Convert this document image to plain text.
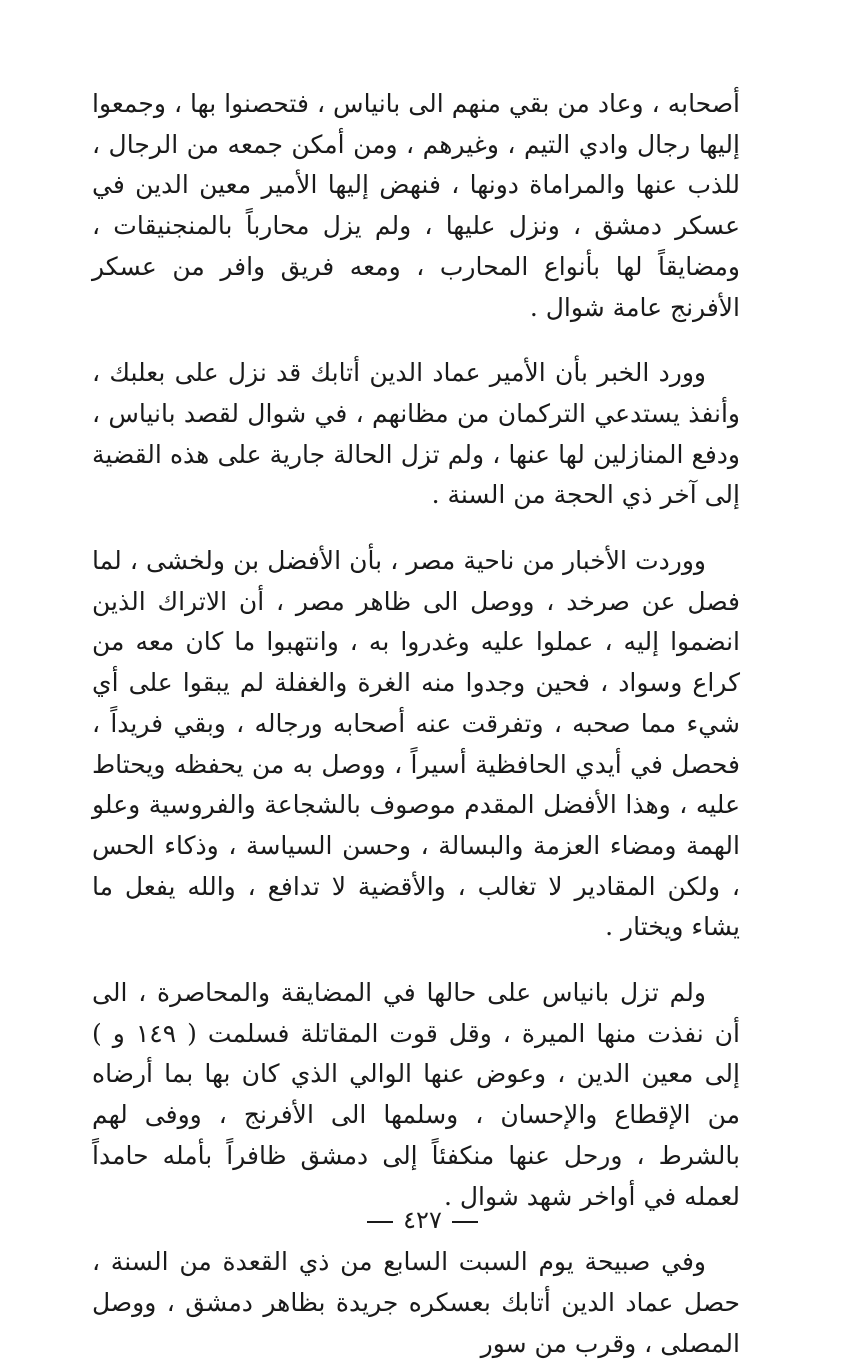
أصحابه ، وعاد من بقي منهم الى بانياس ، فتحصنوا بها ، وجمعوا إليها رجال وادي التيم ، وغيرهم ، ومن أمكن جمعه من الرجال ، للذب عنها والمراماة دونها ، فنهض إليها الأمير معين الدين في عسكر دمشق ، ونزل عليها ، ولم يزل محارباً بالمنجنيقات ، ومضايقاً لها بأنواع المحارب ، ومعه فريق وافر من عسكر الأفرنج عامة شوال .

وورد الخبر بأن الأمير عماد الدين أتابك قد نزل على بعلبك ، وأنفذ يستدعي التركمان من مظانهم ، في شوال لقصد بانياس ، ودفع المنازلين لها عنها ، ولم تزل الحالة جارية على هذه القضية إلى آخر ذي الحجة من السنة .

ووردت الأخبار من ناحية مصر ، بأن الأفضل بن ولخشى ، لما فصل عن صرخد ، ووصل الى ظاهر مصر ، أن الاتراك الذين انضموا إليه ، عملوا عليه وغدروا به ، وانتهبوا ما كان معه من كراع وسواد ، فحين وجدوا منه الغرة والغفلة لم يبقوا على أي شيء مما صحبه ، وتفرقت عنه أصحابه ورجاله ، وبقي فريداً ، فحصل في أيدي الحافظية أسيراً ، ووصل به من يحفظه ويحتاط عليه ، وهذا الأفضل المقدم موصوف بالشجاعة والفروسية وعلو الهمة ومضاء العزمة والبسالة ، وحسن السياسة ، وذكاء الحس ، ولكن المقادير لا تغالب ، والأقضية لا تدافع ، والله يفعل ما يشاء ويختار .

ولم تزل بانياس على حالها في المضايقة والمحاصرة ، الى أن نفذت منها الميرة ، وقل قوت المقاتلة فسلمت ( ١٤٩ و ) إلى معين الدين ، وعوض عنها الوالي الذي كان بها بما أرضاه من الإقطاع والإحسان ، وسلمها الى الأفرنج ، ووفى لهم بالشرط ، ورحل عنها منكفئاً إلى دمشق ظافراً بأمله حامداً لعمله في أواخر شهد شوال .

وفي صبيحة يوم السبت السابع من ذي القعدة من السنة ، حصل عماد الدين أتابك بعسكره جريدة بظاهر دمشق ، ووصل المصلى ، وقرب من سور

٤٢٧
